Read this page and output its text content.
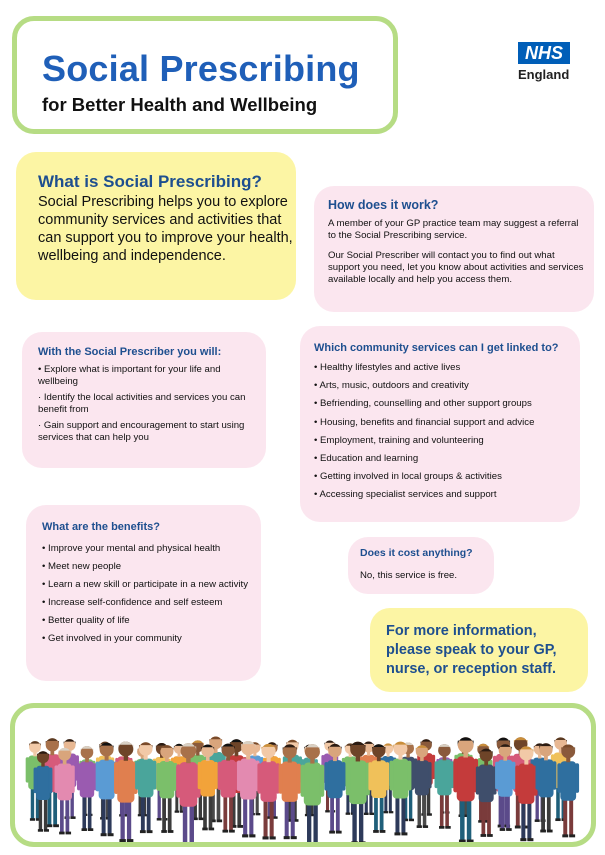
Social Prescribing
for Better Health and Wellbeing
NHS
England
What is Social Prescribing?
Social Prescribing helps you to explore community services and activities that can support you to improve your health, wellbeing and independence.
How does it work?

A member of your GP practice team may suggest a referral to the Social Prescribing service.

Our Social Prescriber will contact you to find out what support you need, let you know about activities and services available locally and help you access them.

With the Social Prescriber you will:
• Explore what is important for your life and wellbeing
· Identify the local activities and services you can benefit from
· Gain support and encouragement to start using services that can help you
Which community services can I get linked to?
• Healthy lifestyles and active lives
• Arts, music, outdoors and creativity
• Befriending, counselling and other support groups
• Housing, benefits and financial support and advice
• Employment, training and volunteering
• Education and learning
• Getting involved in local groups & activities
• Accessing specialist services and support
What are the benefits?
• Improve your mental and physical health
• Meet new people
• Learn a new skill or participate in a new activity
• Increase self-confidence and self esteem
• Better quality of life
• Get involved in your community
Does it cost anything?
No, this service is free.
For more information, please speak to your GP, nurse, or reception staff.
